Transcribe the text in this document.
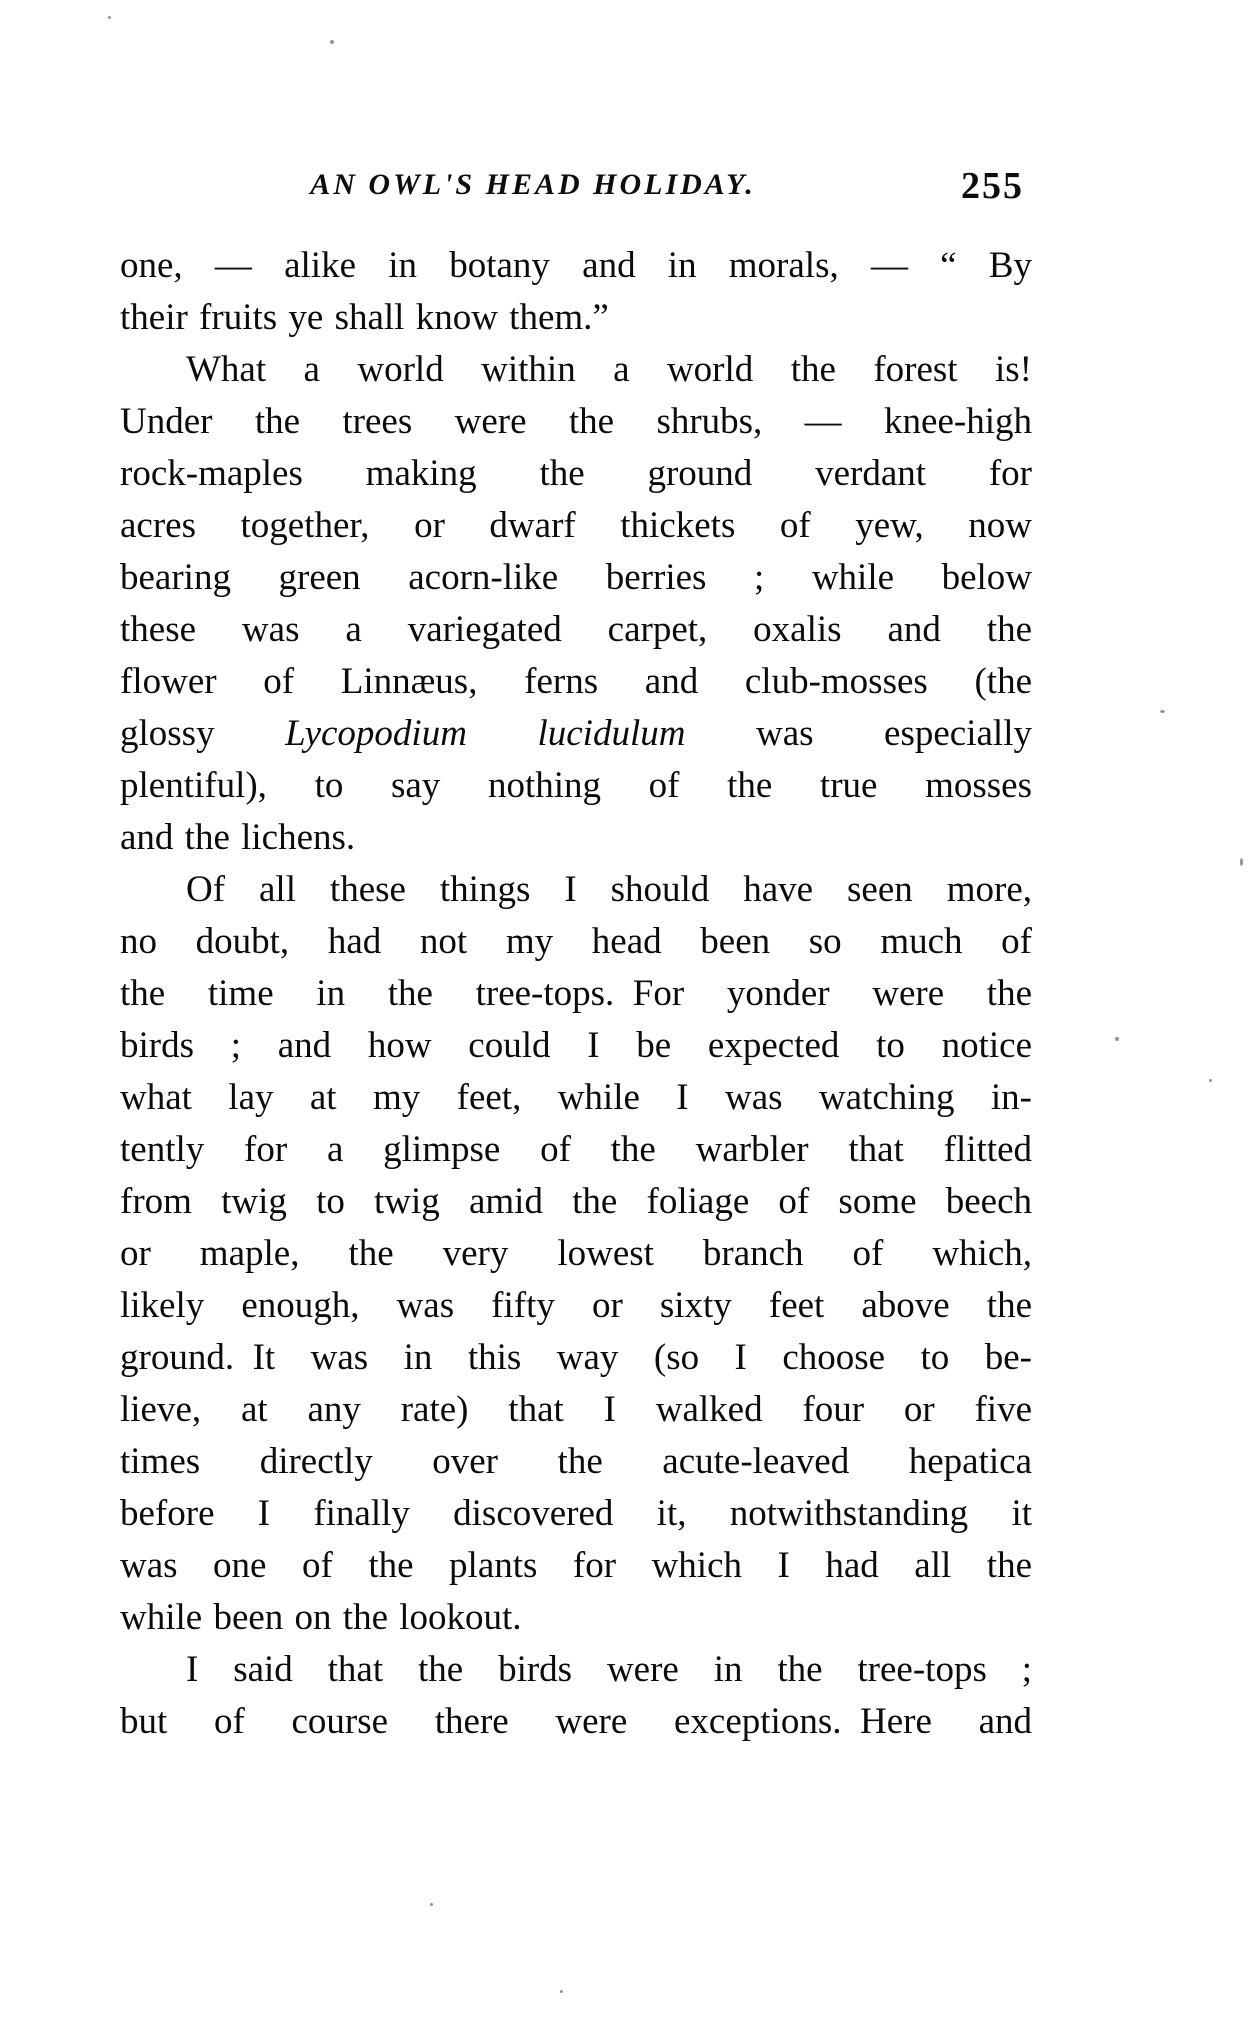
AN OWL'S HEAD HOLIDAY.	255
one, — alike in botany and in morals, — “ By
their fruits ye shall know them.”
What a world within a world the forest is!
Under the trees were the shrubs, — knee-high
rock-maples making the ground verdant for
acres together, or dwarf thickets of yew, now
bearing green acorn-like berries ; while below
these was a variegated carpet, oxalis and the
flower of Linnæus, ferns and club-mosses (the
glossy Lycopodium lucidulum was especially
plentiful), to say nothing of the true mosses
and the lichens.
Of all these things I should have seen more,
no doubt, had not my head been so much of
the time in the tree-tops. For yonder were the
birds ; and how could I be expected to notice
what lay at my feet, while I was watching in-
tently for a glimpse of the warbler that flitted
from twig to twig amid the foliage of some beech
or maple, the very lowest branch of which,
likely enough, was fifty or sixty feet above the
ground. It was in this way (so I choose to be-
lieve, at any rate) that I walked four or five
times directly over the acute-leaved hepatica
before I finally discovered it, notwithstanding it
was one of the plants for which I had all the
while been on the lookout.
I said that the birds were in the tree-tops ;
but of course there were exceptions. Here and
